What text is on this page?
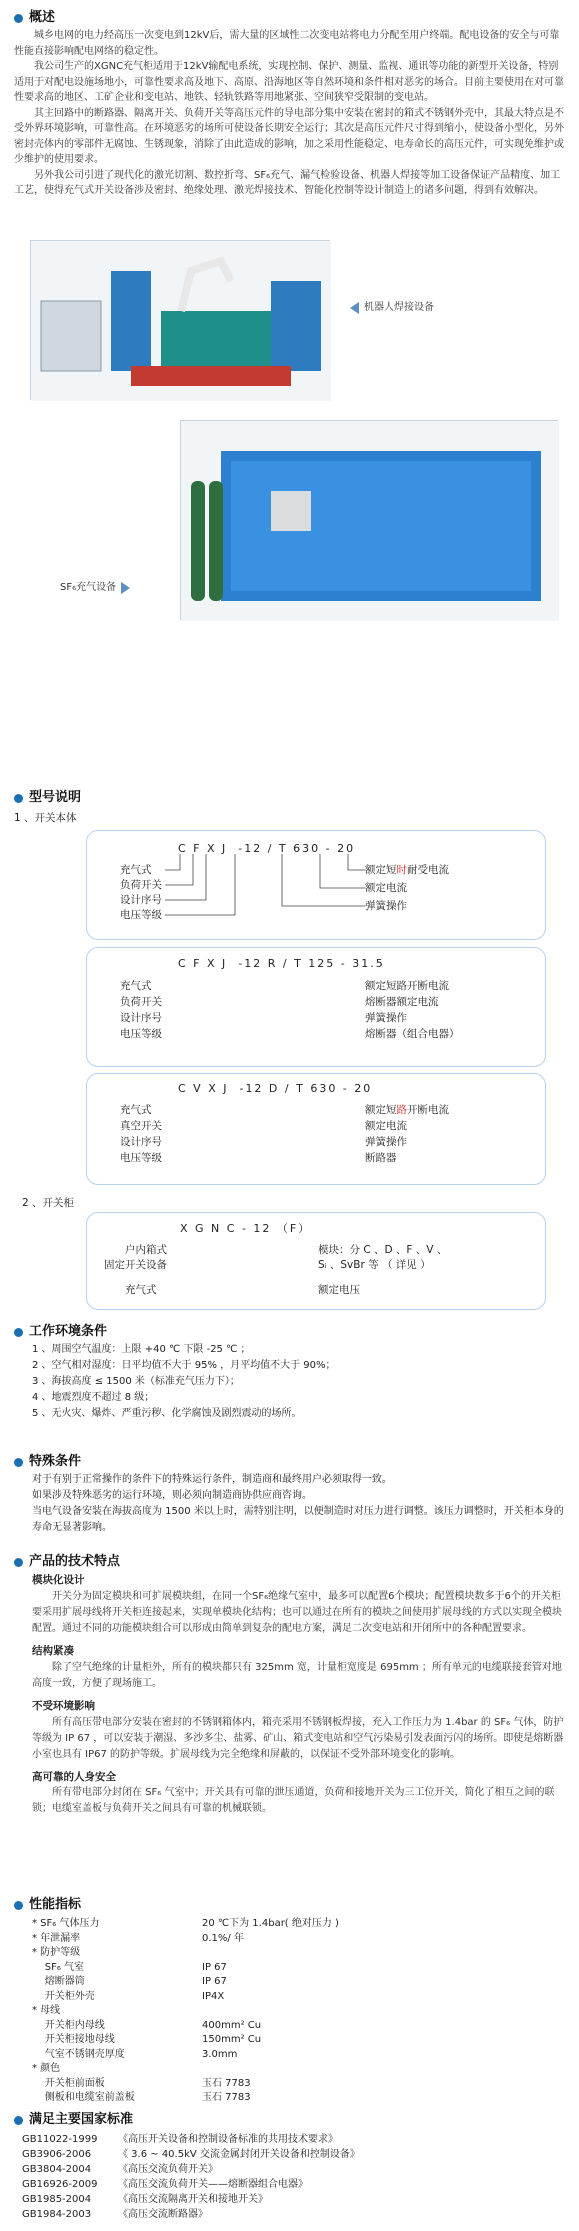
概述

城乡电网的电力经高压一次变电到12kV后，需大量的区域性二次变电站将电力分配至用户终端。配电设备的安全与可靠性能直接影响配电网络的稳定性。

我公司生产的XGNC充气柜适用于12kV输配电系统，实现控制、保护、测量、监视、通讯等功能的新型开关设备，特别适用于对配电设施场地小，可靠性要求高及地下、高原、沿海地区等自然环境和条件相对恶劣的场合。目前主要使用在对可靠性要求高的地区、工矿企业和变电站、地铁、轻轨铁路等用地紧张、空间狭窄受限制的变电站。

其主回路中的断路器、隔离开关、负荷开关等高压元件的导电部分集中安装在密封的箱式不锈钢外壳中，其最大特点是不受外界环境影响，可靠性高。在环境恶劣的场所可使设备长期安全运行；其次是高压元件尺寸得到缩小，使设备小型化，另外密封壳体内的零部件无腐蚀、生锈现象，消除了由此造成的影响，加之采用性能稳定、电寿命长的高压元件，可实现免维护或少维护的使用要求。

另外我公司引进了现代化的激光切割、数控折弯、SF₆充气、漏气检验设备、机器人焊接等加工设备保证产品精度、加工工艺，使得充气式开关设备涉及密封、绝缘处理、激光焊接技术、智能化控制等设计制造上的诸多问题，得到有效解决。

机器人焊接设备
SF₆充气设备
型号说明
1 、开关本体
C F X J  -12 / T 630 - 20
充气式
负荷开关
设计序号
电压等级
额定短时耐受电流
额定电流
弹簧操作
C F X J  -12 R / T 125 - 31.5
充气式
负荷开关
设计序号
电压等级
额定短路开断电流
熔断器额定电流
弹簧操作
熔断器（组合电器）
C V X J  -12 D / T 630 - 20
充气式
真空开关
设计序号
电压等级
额定短路开断电流
额定电流
弹簧操作
断路器
2 、开关柜
X G N C - 12 （F）
户内箱式
固定开关设备
充气式
模块：分 C 、D 、F 、V 、
Sᵢ 、SvBr 等 （ 详见 ）
额定电压
工作环境条件
1 、周围空气温度：上限 +40 ℃ 下限 -25 ℃ ；
2 、空气相对湿度：日平均值不大于 95% ，月平均值不大于 90%；
3 、海拔高度 ≤ 1500 米（标准充气压力下）；
4 、地震烈度不超过 8 级；
5 、无火灾、爆炸、严重污秽、化学腐蚀及剧烈震动的场所。
特殊条件
对于有别于正常操作的条件下的特殊运行条件，制造商和最终用户必须取得一致。
如果涉及特殊恶劣的运行环境，则必须向制造商协供应商咨询。
当电气设备安装在海拔高度为 1500 米以上时，需特别注明，以便制造时对压力进行调整。该压力调整时，开关柜本身的寿命无显著影响。
产品的技术特点
模块化设计

开关分为固定模块和可扩展模块组，在同一个SF₆绝缘气室中，最多可以配置6个模块；配置模块数多于6个的开关柜要采用扩展母线将开关柜连接起来，实现单模块化结构；也可以通过在所有的模块之间使用扩展母线的方式以实现全模块配置。通过不同的功能模块组合可以形成由简单到复杂的配电方案，满足二次变电站和开闭所中的各种配置要求。

结构紧凑

除了空气绝缘的计量柜外，所有的模块都只有 325mm 宽，计量柜宽度是 695mm ；所有单元的电缆联接套管对地高度一致，方便了现场施工。

不受环境影响

所有高压带电部分安装在密封的不锈钢箱体内，箱壳采用不锈钢板焊接，充入工作压力为 1.4bar 的 SF₆ 气体，防护等级为 IP 67 ，可以安装于潮湿、多沙多尘、盐雾、矿山、箱式变电站和空气污染易引发表面污闪的场所。即使是熔断器小室也具有 IP67 的防护等级。扩展母线为完全绝缘和屏蔽的，以保证不受外部环境变化的影响。

高可靠的人身安全

所有带电部分封闭在 SF₆ 气室中；开关具有可靠的泄压通道，负荷和接地开关为三工位开关，简化了相互之间的联锁；电缆室盖板与负荷开关之间具有可靠的机械联锁。

性能指标
* SF₆ 气体压力	20 ℃下为 1.4bar( 绝对压力 )
* 年泄漏率	0.1%/ 年
* 防护等级
SF₆ 气室	IP 67
熔断器筒	IP 67
开关柜外壳	IP4X
* 母线
开关柜内母线	400mm² Cu
开关柜接地母线	150mm² Cu
气室不锈钢壳厚度	3.0mm
* 颜色
开关柜前面板	玉石 7783
侧板和电缆室前盖板	玉石 7783
满足主要国家标准
GB11022-1999	《高压开关设备和控制设备标准的共用技术要求》
GB3906-2006	《 3.6 ~ 40.5kV 交流金属封闭开关设备和控制设备》
GB3804-2004	《高压交流负荷开关》
GB16926-2009	《高压交流负荷开关——熔断器组合电器》
GB1985-2004	《高压交流隔离开关和接地开关》
GB1984-2003	《高压交流断路器》
